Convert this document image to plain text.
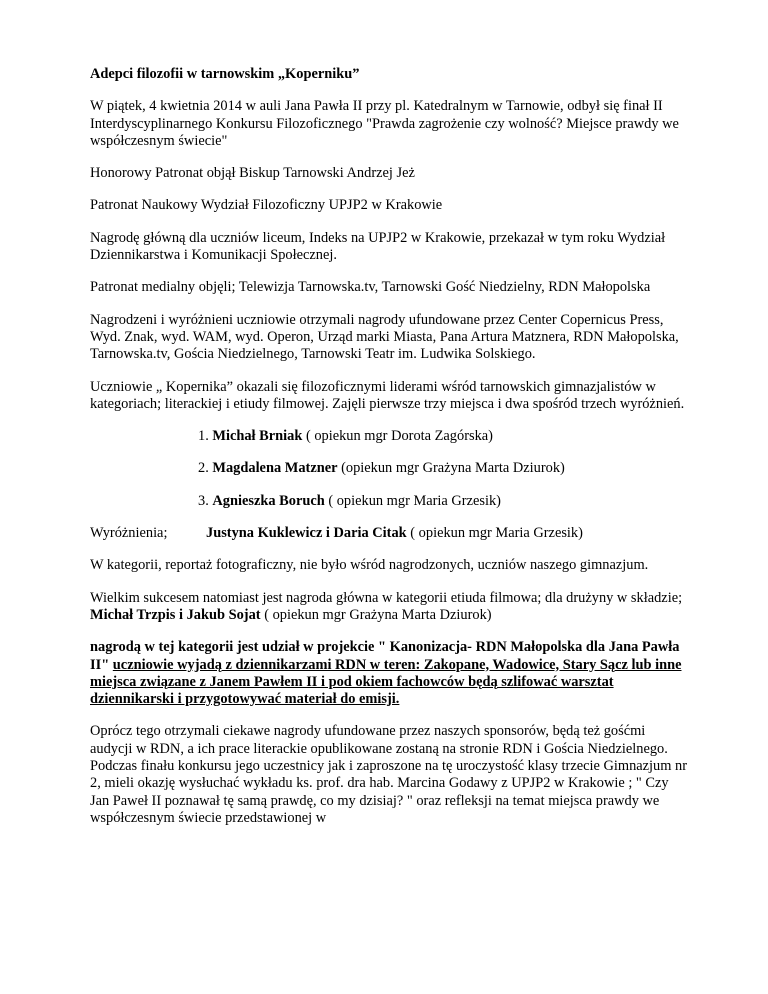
Adepci filozofii w tarnowskim „Koperniku”

W piątek, 4 kwietnia 2014 w auli Jana Pawła II przy pl. Katedralnym w Tarnowie, odbył się finał II Interdyscyplinarnego Konkursu Filozoficznego "Prawda zagrożenie czy wolność? Miejsce prawdy we współczesnym świecie"

Honorowy Patronat objął Biskup Tarnowski Andrzej Jeż

Patronat Naukowy Wydział Filozoficzny UPJP2 w Krakowie

Nagrodę główną dla uczniów liceum, Indeks na UPJP2 w Krakowie, przekazał w tym roku Wydział Dziennikarstwa i Komunikacji Społecznej.

Patronat medialny objęli; Telewizja Tarnowska.tv, Tarnowski Gość Niedzielny, RDN Małopolska

Nagrodzeni i wyróżnieni uczniowie otrzymali nagrody ufundowane przez Center Copernicus Press, Wyd. Znak, wyd. WAM, wyd. Operon, Urząd marki Miasta, Pana Artura Matznera, RDN Małopolska, Tarnowska.tv, Gościa Niedzielnego, Tarnowski Teatr im. Ludwika Solskiego.

Uczniowie „ Kopernika” okazali się filozoficznymi liderami wśród tarnowskich gimnazjalistów w kategoriach; literackiej i etiudy filmowej. Zajęli pierwsze trzy miejsca i dwa spośród trzech wyróżnień.

1. Michał Brniak ( opiekun mgr Dorota Zagórska)

2. Magdalena Matzner (opiekun mgr Grażyna Marta Dziurok)

3. Agnieszka Boruch ( opiekun mgr Maria Grzesik)

Wyróżnienia;	Justyna Kuklewicz i Daria Citak ( opiekun mgr Maria Grzesik)

W kategorii, reportaż fotograficzny, nie było wśród nagrodzonych, uczniów naszego gimnazjum.

Wielkim sukcesem natomiast jest nagroda główna w kategorii etiuda filmowa; dla drużyny w składzie; Michał Trzpis i Jakub Sojat ( opiekun mgr Grażyna Marta Dziurok)

nagrodą w tej kategorii jest udział w projekcie " Kanonizacja- RDN Małopolska dla Jana Pawła II" uczniowie wyjadą z dziennikarzami RDN w teren: Zakopane, Wadowice, Stary Sącz lub inne miejsca związane z Janem Pawłem II i pod okiem fachowców będą szlifować warsztat dziennikarski i przygotowywać materiał do emisji.

Oprócz tego otrzymali ciekawe nagrody ufundowane przez naszych sponsorów, będą też gośćmi audycji w RDN, a ich prace literackie opublikowane zostaną na stronie RDN i Gościa Niedzielnego. Podczas finału konkursu jego uczestnicy jak i zaproszone na tę uroczystość klasy trzecie Gimnazjum nr 2, mieli okazję wysłuchać wykładu ks. prof. dra hab. Marcina Godawy z UPJP2 w Krakowie ; " Czy Jan Paweł II poznawał tę samą prawdę, co my dzisiaj? " oraz refleksji na temat miejsca prawdy we współczesnym świecie przedstawionej w
